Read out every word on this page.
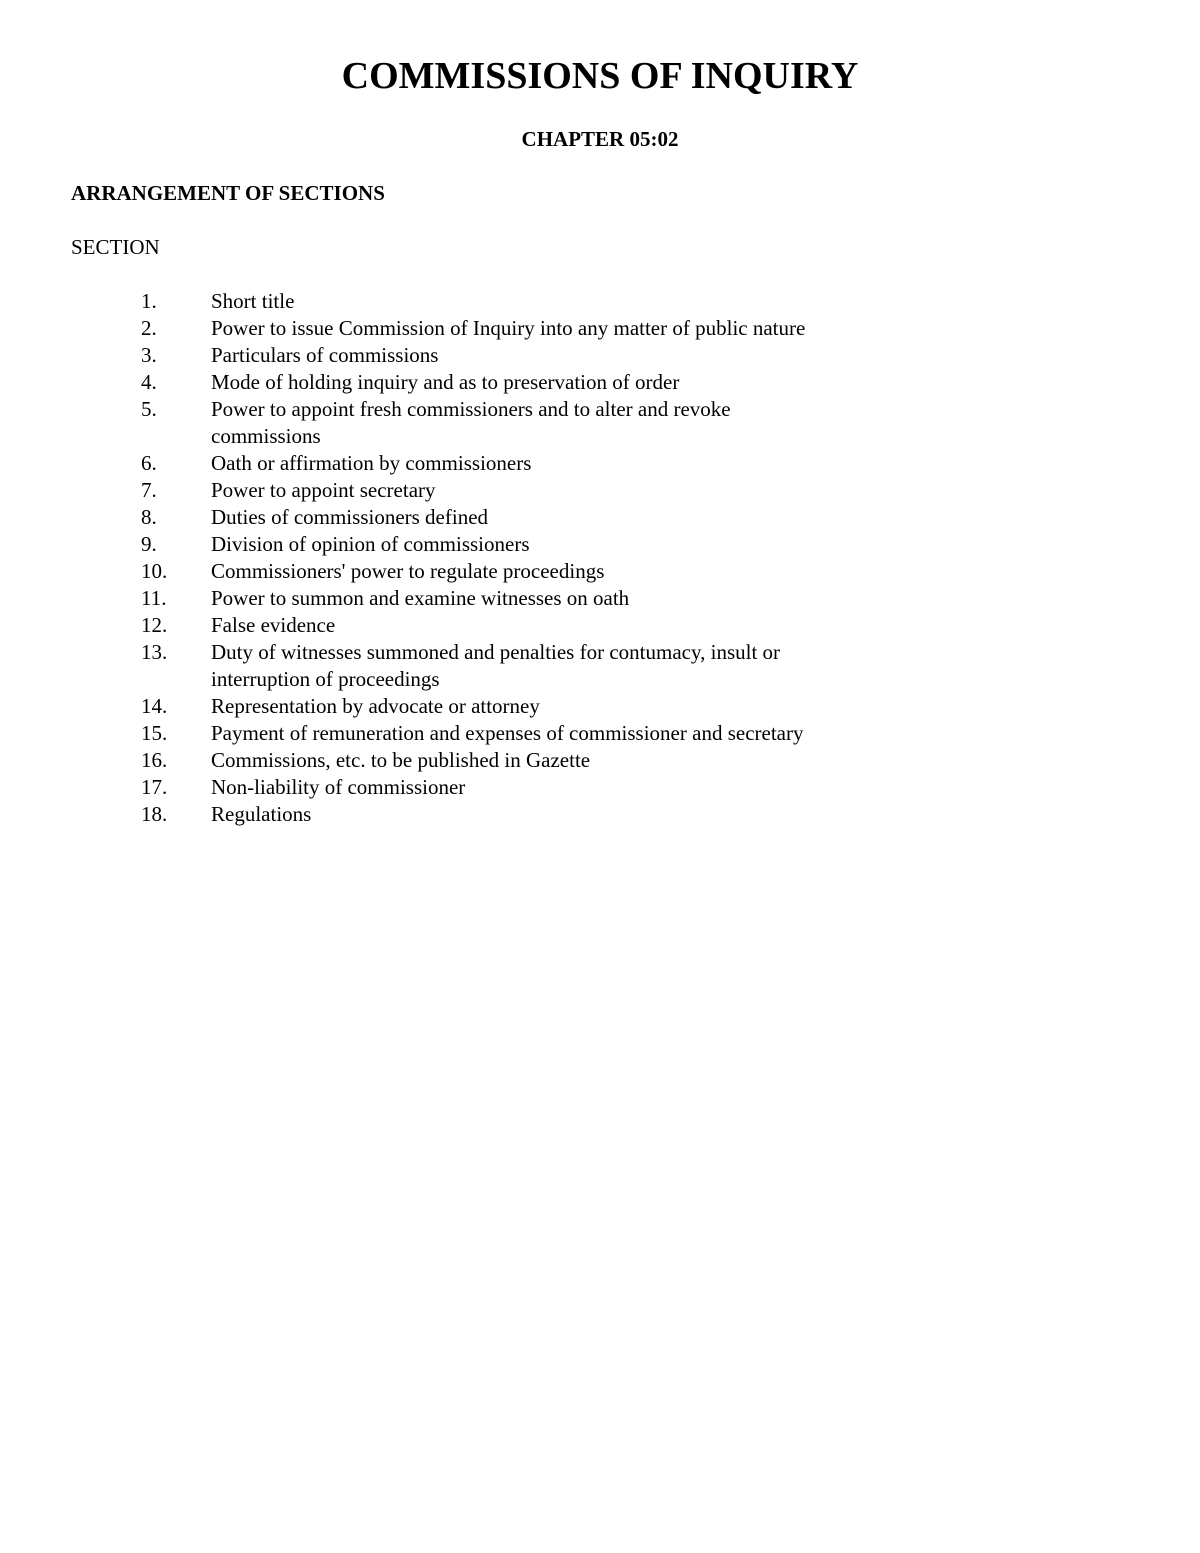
COMMISSIONS OF INQUIRY
CHAPTER 05:02
ARRANGEMENT OF SECTIONS
SECTION
1.	Short title
2.	Power to issue Commission of Inquiry into any matter of public nature
3.	Particulars of commissions
4.	Mode of holding inquiry and as to preservation of order
5.	Power to appoint fresh commissioners and to alter and revoke commissions
6.	Oath or affirmation by commissioners
7.	Power to appoint secretary
8.	Duties of commissioners defined
9.	Division of opinion of commissioners
10.	Commissioners' power to regulate proceedings
11.	Power to summon and examine witnesses on oath
12.	False evidence
13.	Duty of witnesses summoned and penalties for contumacy, insult or interruption of proceedings
14.	Representation by advocate or attorney
15.	Payment of remuneration and expenses of commissioner and secretary
16.	Commissions, etc. to be published in Gazette
17.	Non-liability of commissioner
18.	Regulations
